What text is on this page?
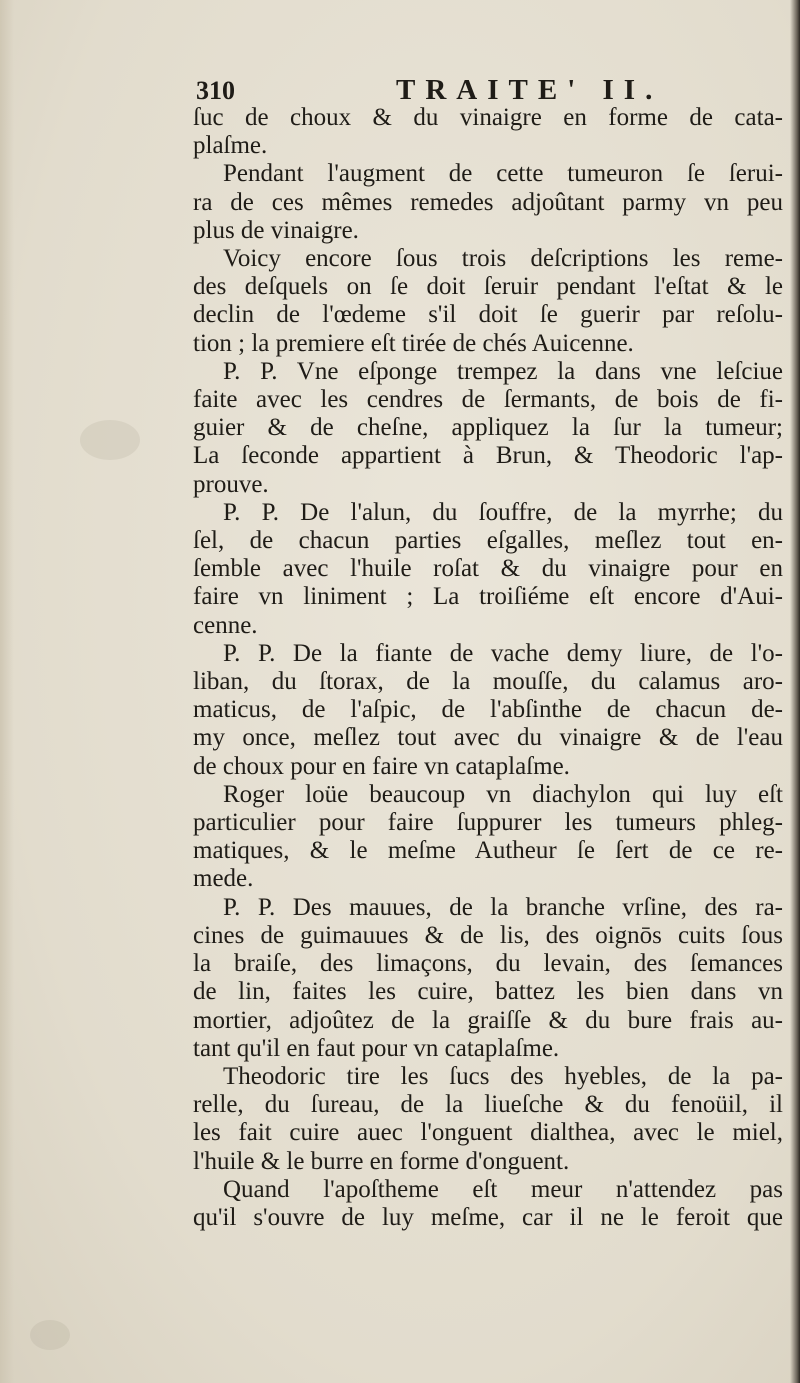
310	TRAITE' II.
ſuc de choux & du vinaigre en forme de cata-
plaſme.
Pendant l'augment de cette tumeuron ſe ſerui-
ra de ces mêmes remedes adjoûtant parmy vn peu
plus de vinaigre.
Voicy encore ſous trois deſcriptions les reme-
des deſquels on ſe doit ſeruir pendant l'eſtat & le
declin de l'œdeme s'il doit ſe guerir par reſolu-
tion ; la premiere eſt tirée de chés Auicenne.
P. P. Vne eſponge trempez la dans vne leſciue
faite avec les cendres de ſermants, de bois de fi-
guier & de cheſne, appliquez la ſur la tumeur;
La ſeconde appartient à Brun, & Theodoric l'ap-
prouve.
P. P. De l'alun, du ſouffre, de la myrrhe; du
ſel, de chacun parties eſgalles, meſlez tout en-
ſemble avec l'huile roſat & du vinaigre pour en
faire vn liniment ; La troiſiéme eſt encore d'Aui-
cenne.
P. P. De la fiante de vache demy liure, de l'o-
liban, du ſtorax, de la mouſſe, du calamus aro-
maticus, de l'aſpic, de l'abſinthe de chacun de-
my once, meſlez tout avec du vinaigre & de l'eau
de choux pour en faire vn cataplaſme.
Roger loüe beaucoup vn diachylon qui luy eſt
particulier pour faire ſuppurer les tumeurs phleg-
matiques, & le meſme Autheur ſe ſert de ce re-
mede.
P. P. Des mauues, de la branche vrſine, des ra-
cines de guimauues & de lis, des oignōs cuits ſous
la braiſe, des limaçons, du levain, des ſemances
de lin, faites les cuire, battez les bien dans vn
mortier, adjoûtez de la graiſſe & du bure frais au-
tant qu'il en faut pour vn cataplaſme.
Theodoric tire les ſucs des hyebles, de la pa-
relle, du ſureau, de la liueſche & du fenoüil, il
les fait cuire auec l'onguent dialthea, avec le miel,
l'huile & le burre en forme d'onguent.
Quand l'apoſtheme eſt meur n'attendez pas
qu'il s'ouvre de luy meſme, car il ne le feroit que
